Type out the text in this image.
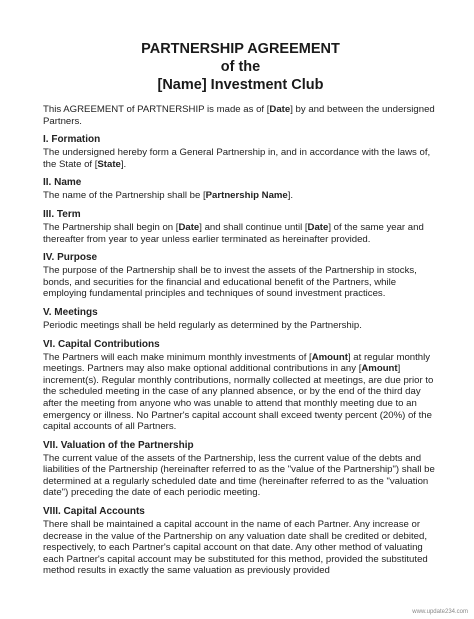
PARTNERSHIP AGREEMENT
of the
[Name] Investment Club

This AGREEMENT of PARTNERSHIP is made as of [Date] by and between the undersigned Partners.

I. Formation

The undersigned hereby form a General Partnership in, and in accordance with the laws of, the State of [State].

II. Name

The name of the Partnership shall be [Partnership Name].

III. Term

The Partnership shall begin on [Date] and shall continue until [Date] of the same year and thereafter from year to year unless earlier terminated as hereinafter provided.

IV. Purpose

The purpose of the Partnership shall be to invest the assets of the Partnership in stocks, bonds, and securities for the financial and educational benefit of the Partners, while employing fundamental principles and techniques of sound investment practices.

V. Meetings

Periodic meetings shall be held regularly as determined by the Partnership.

VI. Capital Contributions

The Partners will each make minimum monthly investments of [Amount] at regular monthly meetings. Partners may also make optional additional contributions in any [Amount] increment(s). Regular monthly contributions, normally collected at meetings, are due prior to the scheduled meeting in the case of any planned absence, or by the end of the third day after the meeting from anyone who was unable to attend that monthly meeting due to an emergency or illness. No Partner's capital account shall exceed twenty percent (20%) of the capital accounts of all Partners.

VII. Valuation of the Partnership

The current value of the assets of the Partnership, less the current value of the debts and liabilities of the Partnership (hereinafter referred to as the "value of the Partnership") shall be determined at a regularly scheduled date and time (hereinafter referred to as the "valuation date") preceding the date of each periodic meeting.

VIII. Capital Accounts

There shall be maintained a capital account in the name of each Partner. Any increase or decrease in the value of the Partnership on any valuation date shall be credited or debited, respectively, to each Partner's capital account on that date. Any other method of valuating each Partner's capital account may be substituted for this method, provided the substituted method results in exactly the same valuation as previously provided

www.update234.com
